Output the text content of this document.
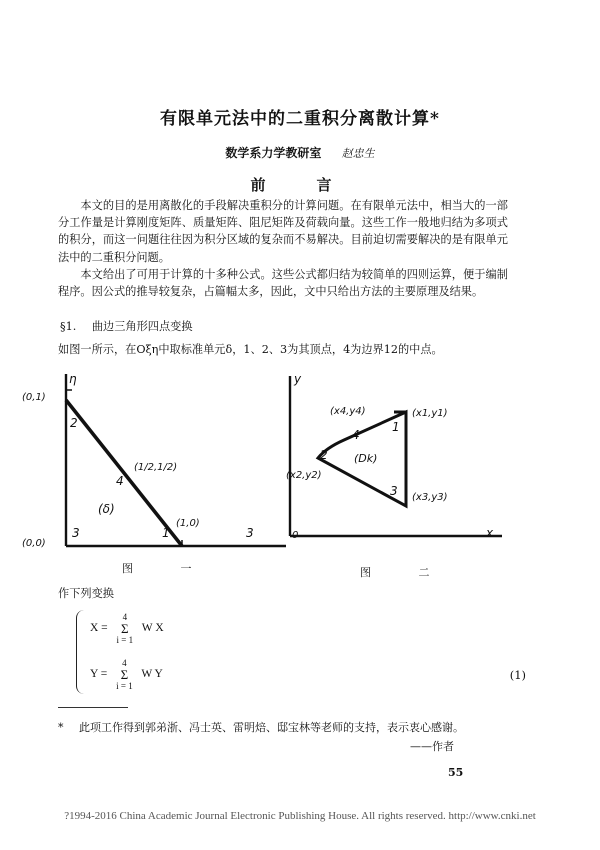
有限单元法中的二重积分离散计算*
数学系力学教研室 赵忠生
前　言

本文的目的是用离散化的手段解决重积分的计算问题。在有限单元法中，相当大的一部分工作量是计算刚度矩阵、质量矩阵、阻尼矩阵及荷载向量。这些工作一般地归结为多项式的积分，而这一问题往往因为积分区域的复杂而不易解决。目前迫切需要解决的是有限单元法中的二重积分问题。

本文给出了可用于计算的十多种公式。这些公式都归结为较简单的四则运算，便于编制程序。因公式的推导较复杂，占篇幅太多，因此，文中只给出方法的主要原理及结果。

§1. 曲边三角形四点变换
如图一所示，在Oξη中取标准单元δ，1、2、3为其顶点，4为边界12的中点。
η
(0,1)
(0,0)
(1,0)
(1/2,1/2)
(δ)
2
4
3	1	3
图 一
y
x
0
(x4,y4)	(x1,y1)
(x2,y2)
(x3,y3)
(Dk)
4
1
2
3
图 二
作下列变换
X =
4
Σ
i = 1
W X
Y =
4
Σ
i = 1
W Y	(1)
* 此项工作得到郭弟浙、冯士英、雷明焙、邸宝林等老师的支持，表示衷心感谢。
——作者
55
?1994-2016 China Academic Journal Electronic Publishing House. All rights reserved. http://www.cnki.net
